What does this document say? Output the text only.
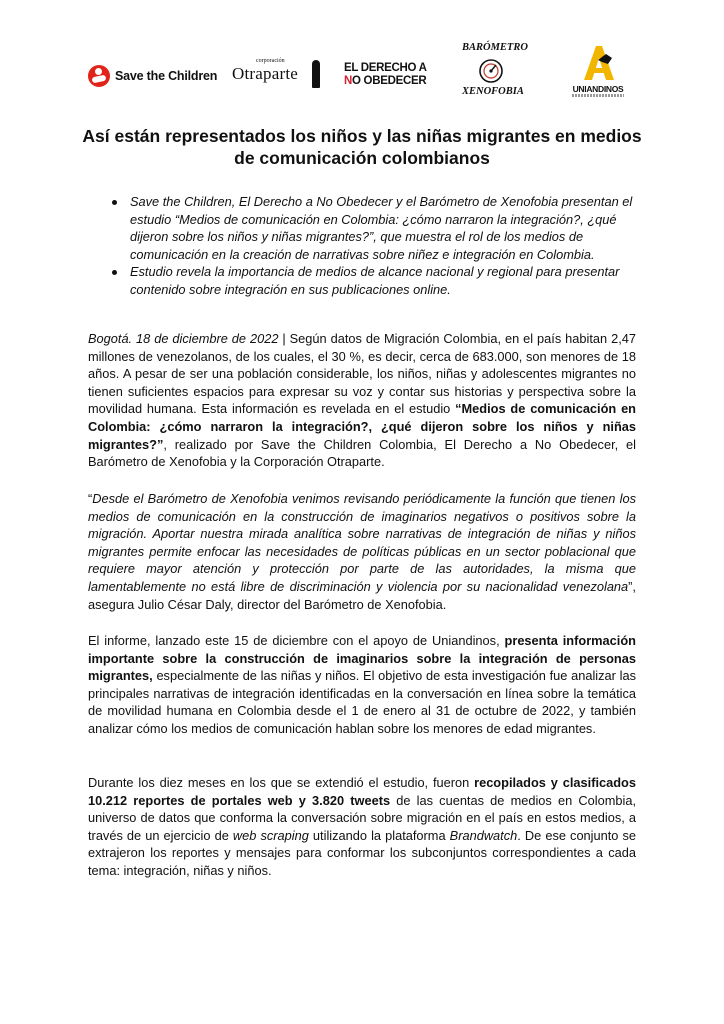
Save the Children
corporación
Otraparte	EL DERECHO A
NO OBEDECER
BARÓMETRO
XENOFOBIA	UNIANDINOS
Así están representados los niños y las niñas migrantes en medios de comunicación colombianos
Save the Children, El Derecho a No Obedecer y el Barómetro de Xenofobia presentan el estudio “Medios de comunicación en Colombia: ¿cómo narraron la integración?, ¿qué dijeron sobre los niños y niñas migrantes?”, que muestra el rol de los medios de comunicación en la creación de narrativas sobre niñez e integración en Colombia.
Estudio revela la importancia de medios de alcance nacional y regional para presentar contenido sobre integración en sus publicaciones online.

Bogotá. 18 de diciembre de 2022 | Según datos de Migración Colombia, en el país habitan 2,47 millones de venezolanos, de los cuales, el 30 %, es decir, cerca de 683.000, son menores de 18 años. A pesar de ser una población considerable, los niños, niñas y adolescentes migrantes no tienen suficientes espacios para expresar su voz y contar sus historias y perspectiva sobre la movilidad humana. Esta información es revelada en el estudio “Medios de comunicación en Colombia: ¿cómo narraron la integración?, ¿qué dijeron sobre los niños y niñas migrantes?”, realizado por Save the Children Colombia, El Derecho a No Obedecer, el Barómetro de Xenofobia y la Corporación Otraparte.

“Desde el Barómetro de Xenofobia venimos revisando periódicamente la función que tienen los medios de comunicación en la construcción de imaginarios negativos o positivos sobre la migración. Aportar nuestra mirada analítica sobre narrativas de integración de niñas y niños migrantes permite enfocar las necesidades de políticas públicas en un sector poblacional que requiere mayor atención y protección por parte de las autoridades, la misma que lamentablemente no está libre de discriminación y violencia por su nacionalidad venezolana”, asegura Julio César Daly, director del Barómetro de Xenofobia.

El informe, lanzado este 15 de diciembre con el apoyo de Uniandinos, presenta información importante sobre la construcción de imaginarios sobre la integración de personas migrantes, especialmente de las niñas y niños. El objetivo de esta investigación fue analizar las principales narrativas de integración identificadas en la conversación en línea sobre la temática de movilidad humana en Colombia desde el 1 de enero al 31 de octubre de 2022, y también analizar cómo los medios de comunicación hablan sobre los menores de edad migrantes.

Durante los diez meses en los que se extendió el estudio, fueron recopilados y clasificados 10.212 reportes de portales web y 3.820 tweets de las cuentas de medios en Colombia, universo de datos que conforma la conversación sobre migración en el país en estos medios, a través de un ejercicio de web scraping utilizando la plataforma Brandwatch. De ese conjunto se extrajeron los reportes y mensajes para conformar los subconjuntos correspondientes a cada tema: integración, niñas y niños.
